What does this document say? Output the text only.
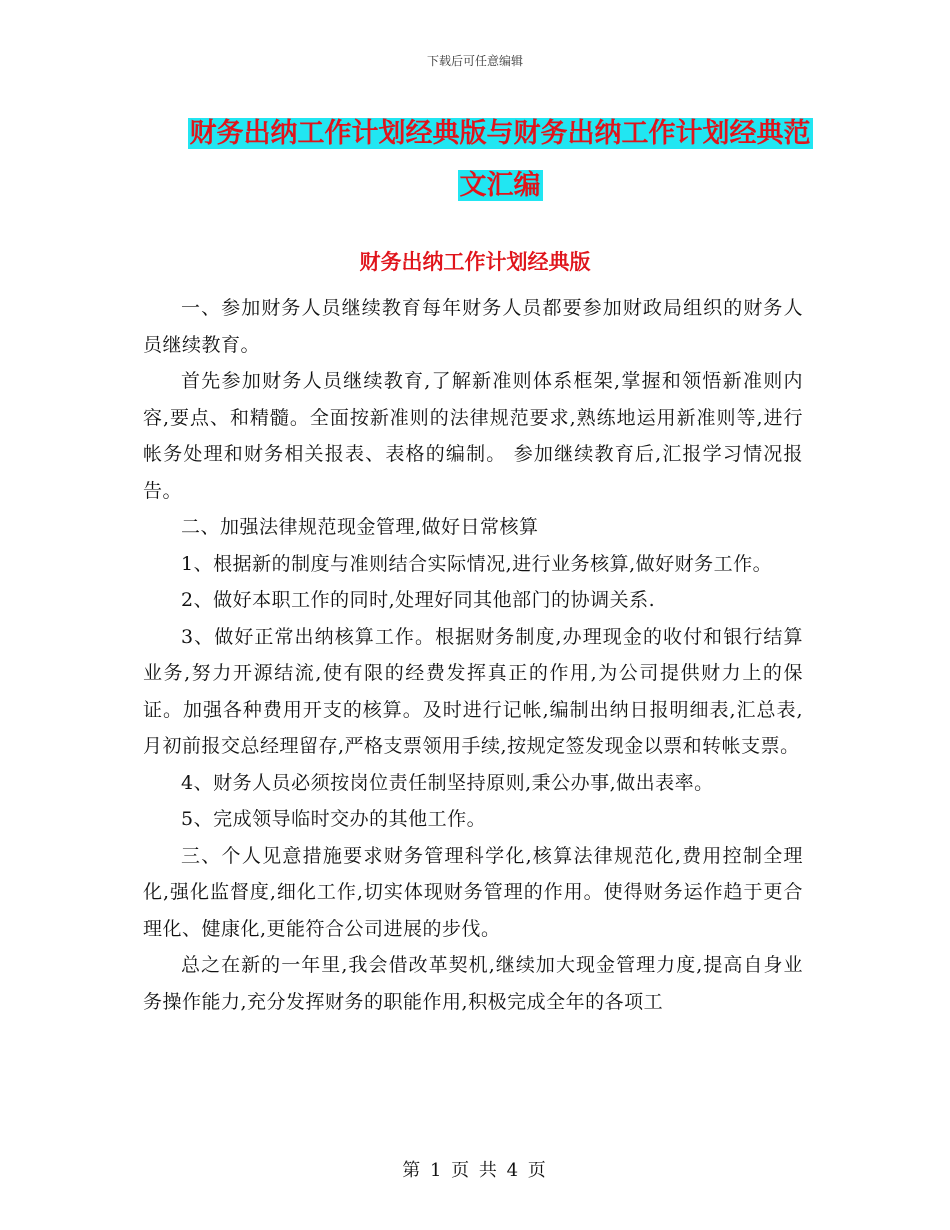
下载后可任意编辑
财务出纳工作计划经典版与财务出纳工作计划经典范
文汇编
财务出纳工作计划经典版

一、参加财务人员继续教育每年财务人员都要参加财政局组织的财务人员继续教育。

首先参加财务人员继续教育,了解新准则体系框架,掌握和领悟新准则内容,要点、和精髓。全面按新准则的法律规范要求,熟练地运用新准则等,进行帐务处理和财务相关报表、表格的编制。 参加继续教育后,汇报学习情况报告。

二、加强法律规范现金管理,做好日常核算

1、根据新的制度与准则结合实际情况,进行业务核算,做好财务工作。

2、做好本职工作的同时,处理好同其他部门的协调关系.

3、做好正常出纳核算工作。根据财务制度,办理现金的收付和银行结算业务,努力开源结流,使有限的经费发挥真正的作用,为公司提供财力上的保证。加强各种费用开支的核算。及时进行记帐,编制出纳日报明细表,汇总表,月初前报交总经理留存,严格支票领用手续,按规定签发现金以票和转帐支票。

4、财务人员必须按岗位责任制坚持原则,秉公办事,做出表率。

5、完成领导临时交办的其他工作。

三、个人见意措施要求财务管理科学化,核算法律规范化,费用控制全理化,强化监督度,细化工作,切实体现财务管理的作用。使得财务运作趋于更合理化、健康化,更能符合公司进展的步伐。

总之在新的一年里,我会借改革契机,继续加大现金管理力度,提高自身业务操作能力,充分发挥财务的职能作用,积极完成全年的各项工

第 1 页 共 4 页
